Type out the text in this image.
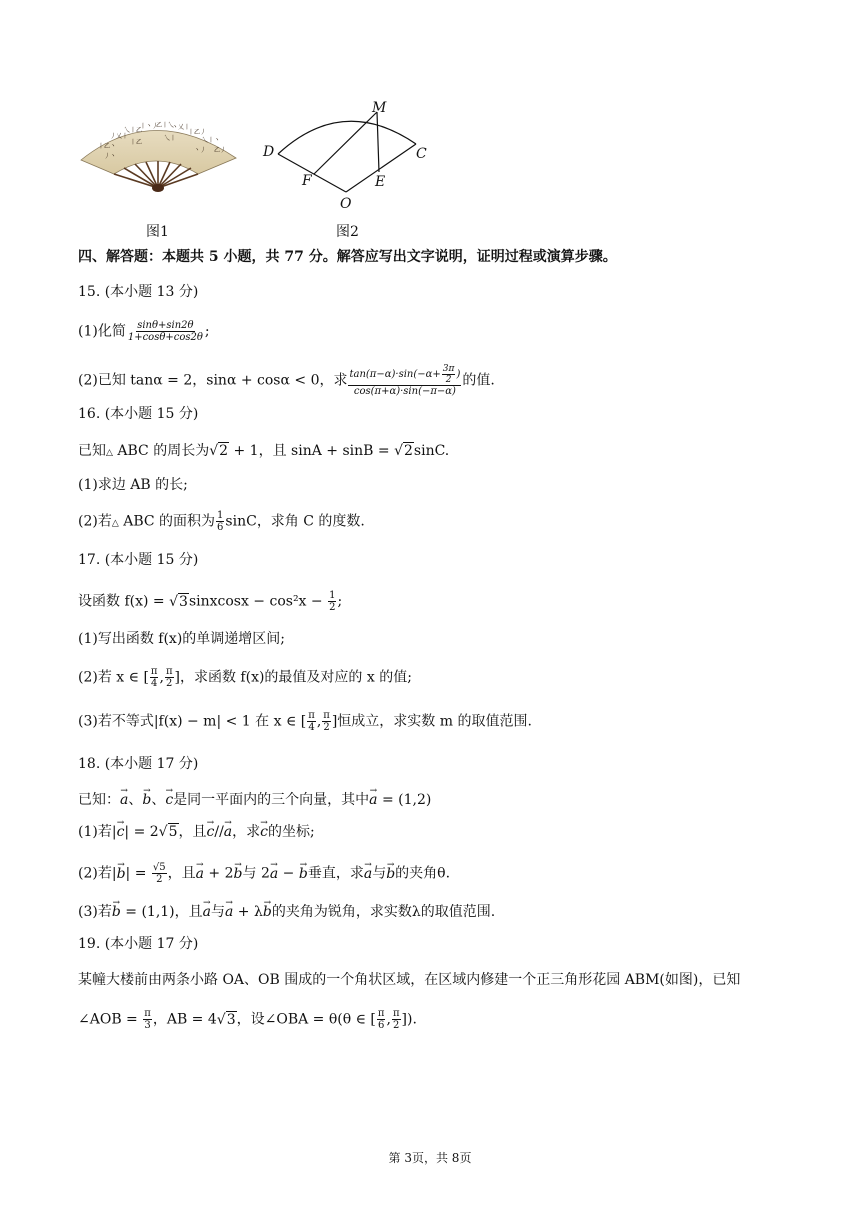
丨乙丶
丿乂丨
乀丨乙
丨丶丿
乙丨乀
丶乂丨
丨乙丿
乀丨丶
乙丿
丿丶
丨乙
乀丨
丶丿
图1
M
D	C
F	E
O
图2
四、解答题：本题共 5 小题，共 77 分。解答应写出文字说明，证明过程或演算步骤。
15. (本小题 13 分)
(1)化简 $\frac{\sin\theta+\sin 2\theta}{1+\cos\theta+\cos 2\theta}$ ;
(2)已知 tanα = 2，sinα + cosα < 0，求 $\frac{\tan(\pi-\alpha)\cdot\sin(-\alpha+ \frac{3\pi}{2} )}{\cos(\pi+\alpha)\cdot\sin(-\pi-\alpha)}$ 的值.
16. (本小题 15 分)
已知△ ABC 的周长为√2 + 1，且 sinA + sinB = √2sinC.
(1)求边 AB 的长;
(2)若△ ABC 的面积为 $\frac{1}{6}$ sinC，求角 C 的度数.
17. (本小题 15 分)
设函数 f(x) = √3sinxcosx − $\cos^2x - \frac{1}{2}$ ;
(1)写出函数 f(x)的单调递增区间;
(2)若 x ∈ [ $\frac{\pi}{4}$ , $\frac{\pi}{2}$ ]，求函数 f(x)的最值及对应的 x 的值;
(3)若不等式|f(x) − m| < 1 在 x ∈ [ $\frac{\pi}{4}$ , $\frac{\pi}{2}$ ]恒成立，求实数 m 的取值范围.
18. (本小题 17 分)
已知：→ a、→ b、→ c是同一平面内的三个向量，其中→ a = (1,2)
(1)若|→ c| = 2√5，且→ c//→ a，求→ c的坐标;
(2)若|→ $b| = \frac{√5}{2}$ ，且→ a + 2→ b与 2→ a − → b垂直，求→ a与→ b的夹角θ.
(3)若→ b = (1,1)，且→ a与→ a + λ→ b的夹角为锐角，求实数λ的取值范围.
19. (本小题 17 分)
某幢大楼前由两条小路 OA、OB 围成的一个角状区域，在区域内修建一个正三角形花园 ABM(如图)，已知
∠AOB = $\frac{\pi}{3}$ ，AB = 4√3，设∠OBA = θ(θ ∈ [ $\frac{\pi}{6}$ , $\frac{\pi}{2}$ ]).
第 3页，共 8页
